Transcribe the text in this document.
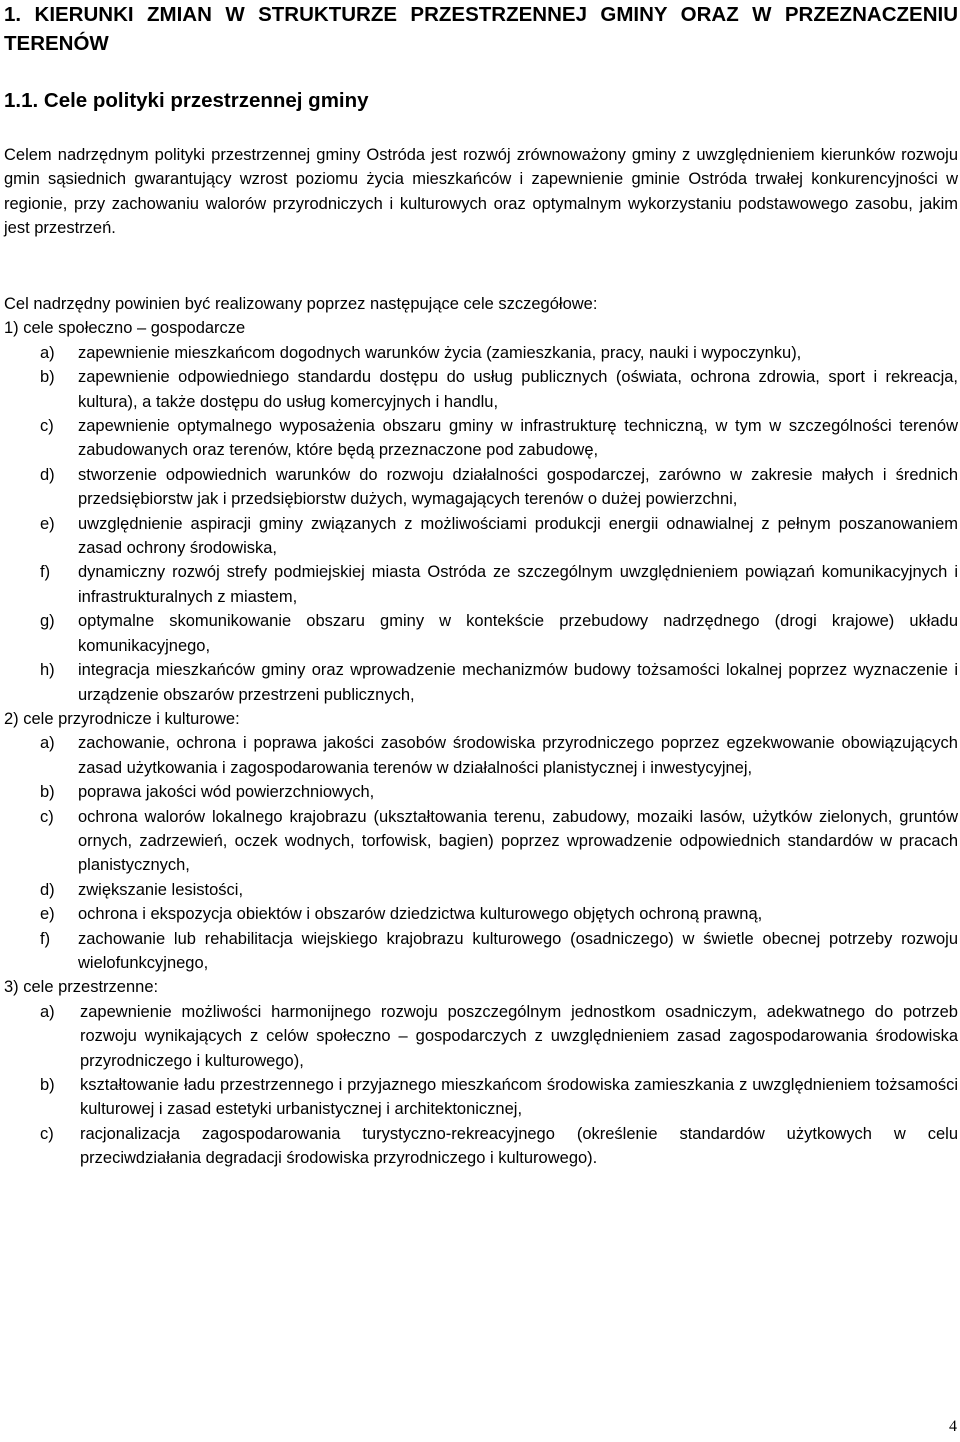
1. KIERUNKI ZMIAN W STRUKTURZE PRZESTRZENNEJ GMINY ORAZ W PRZEZNACZENIU TERENÓW
1.1. Cele polityki przestrzennej gminy

Celem nadrzędnym polityki przestrzennej gminy Ostróda jest rozwój zrównoważony gminy z uwzględnieniem kierunków rozwoju gmin sąsiednich gwarantujący wzrost poziomu życia mieszkańców i zapewnienie gminie Ostróda trwałej konkurencyjności w regionie, przy zachowaniu walorów przyrodniczych i kulturowych oraz optymalnym wykorzystaniu podstawowego zasobu, jakim jest przestrzeń.

Cel nadrzędny powinien być realizowany poprzez następujące cele szczegółowe:

1) cele społeczno – gospodarcze

a)	zapewnienie mieszkańcom dogodnych warunków życia (zamieszkania, pracy, nauki i wypoczynku),
b)	zapewnienie odpowiedniego standardu dostępu do usług publicznych (oświata, ochrona zdrowia, sport i rekreacja, kultura), a także dostępu do usług komercyjnych i handlu,
c)	zapewnienie optymalnego wyposażenia obszaru gminy w infrastrukturę techniczną, w tym w szczególności terenów zabudowanych oraz terenów, które będą przeznaczone pod zabudowę,
d)	stworzenie odpowiednich warunków do rozwoju działalności gospodarczej, zarówno w zakresie małych i średnich przedsiębiorstw jak i przedsiębiorstw dużych, wymagających terenów o dużej powierzchni,
e)	uwzględnienie aspiracji gminy związanych z możliwościami produkcji energii odnawialnej z pełnym poszanowaniem zasad ochrony środowiska,
f)	dynamiczny rozwój strefy podmiejskiej miasta Ostróda ze szczególnym uwzględnieniem powiązań komunikacyjnych i infrastrukturalnych z miastem,
g)	optymalne skomunikowanie obszaru gminy w kontekście przebudowy nadrzędnego (drogi krajowe) układu komunikacyjnego,
h)	integracja mieszkańców gminy oraz wprowadzenie mechanizmów budowy tożsamości lokalnej poprzez wyznaczenie i urządzenie obszarów przestrzeni publicznych,

2) cele przyrodnicze i kulturowe:

a)	zachowanie, ochrona i poprawa jakości zasobów środowiska przyrodniczego poprzez egzekwowanie obowiązujących zasad użytkowania i zagospodarowania terenów w działalności planistycznej i inwestycyjnej,
b)	poprawa jakości wód powierzchniowych,
c)	ochrona walorów lokalnego krajobrazu (ukształtowania terenu, zabudowy, mozaiki lasów, użytków zielonych, gruntów ornych, zadrzewień, oczek wodnych, torfowisk, bagien) poprzez wprowadzenie odpowiednich standardów w pracach planistycznych,
d)	zwiększanie lesistości,
e)	ochrona i ekspozycja obiektów i obszarów dziedzictwa kulturowego objętych ochroną prawną,
f)	zachowanie lub rehabilitacja wiejskiego krajobrazu kulturowego (osadniczego) w świetle obecnej potrzeby rozwoju wielofunkcyjnego,

3) cele przestrzenne:

a)	zapewnienie możliwości harmonijnego rozwoju poszczególnym jednostkom osadniczym, adekwatnego do potrzeb rozwoju wynikających z celów społeczno – gospodarczych z uwzględnieniem zasad zagospodarowania środowiska przyrodniczego i kulturowego),
b)	kształtowanie ładu przestrzennego i przyjaznego mieszkańcom środowiska zamieszkania z uwzględnieniem tożsamości kulturowej i zasad estetyki urbanistycznej i architektonicznej,
c)	racjonalizacja zagospodarowania turystyczno-rekreacyjnego (określenie standardów użytkowych w celu przeciwdziałania degradacji środowiska przyrodniczego i kulturowego).
4
